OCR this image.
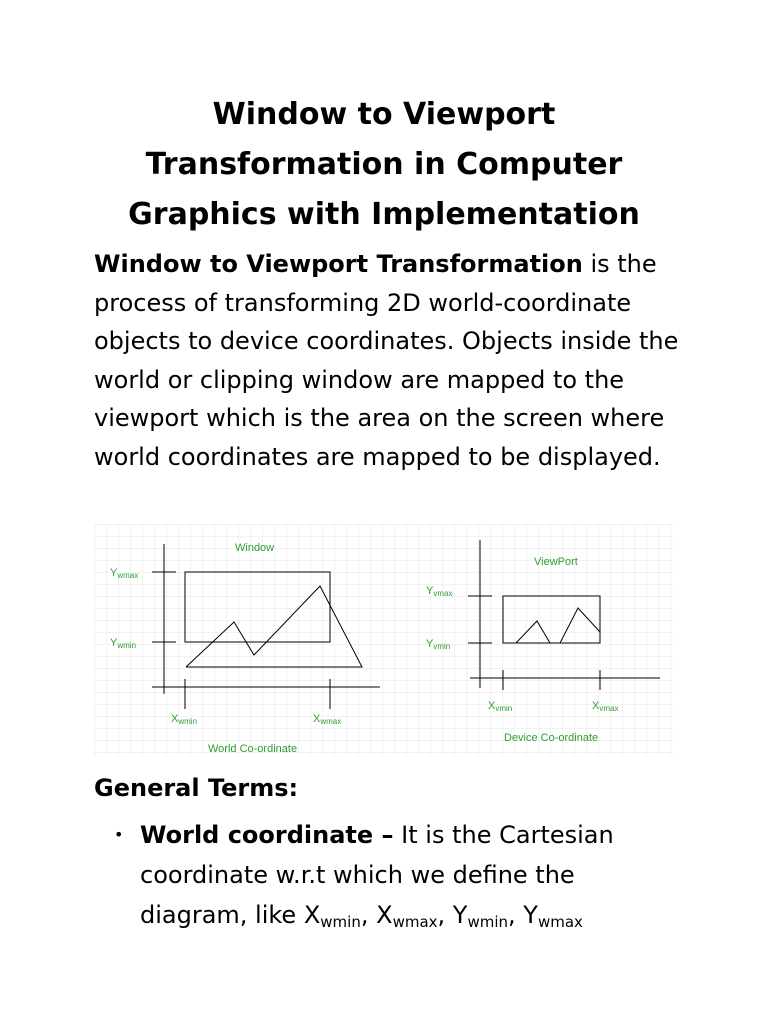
Window to Viewport
Transformation in Computer
Graphics with Implementation

Window to Viewport Transformation is the process of transforming 2D world-coordinate objects to device coordinates. Objects inside the world or clipping window are mapped to the viewport which is the area on the screen where world coordinates are mapped to be displayed.

Window
Ywmax
Ywmin
Xwmin	Xwmax
World Co-ordinate
ViewPort
Yvmax
Yvmin
Xvmin	Xvmax
Device Co-ordinate
General Terms:
• World coordinate – It is the Cartesian coordinate w.r.t which we define the diagram, like $X_{wmin}$, $X_{wmax}$, $Y_{wmin}$, $Y_{wmax}$
